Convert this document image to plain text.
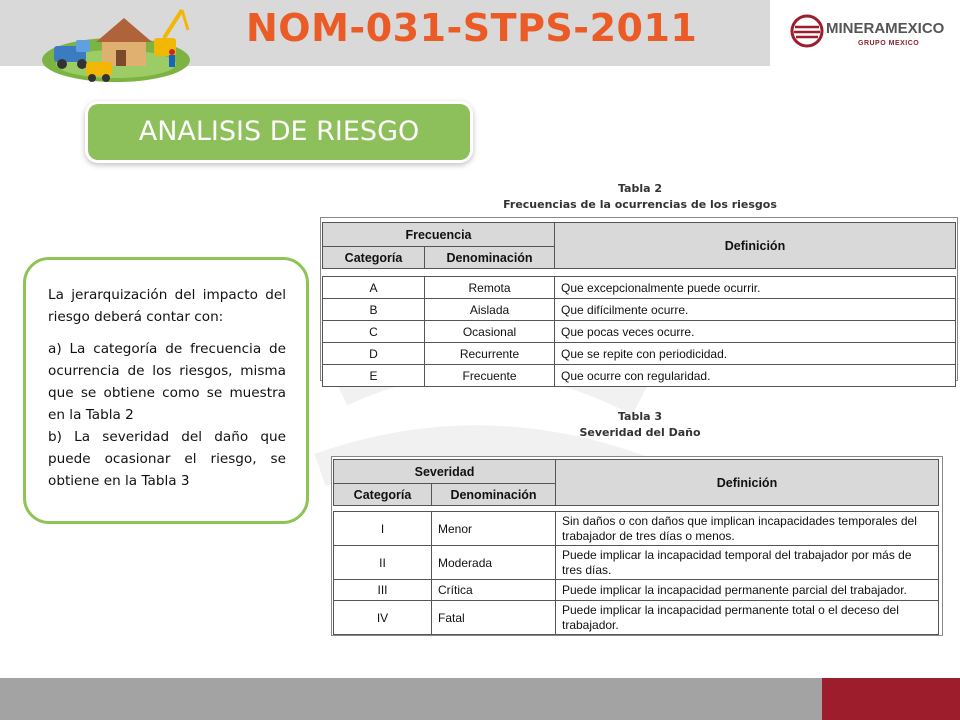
NOM-031-STPS-2011	MINERAMEXICO
GRUPO MEXICO
ANALISIS DE RIESGO

La jerarquización del impacto del riesgo deberá contar con:

a) La categoría de frecuencia de ocurrencia de los riesgos, misma que se obtiene como se muestra en la Tabla 2

b) La severidad del daño que puede ocasionar el riesgo, se obtiene en la Tabla 3

Tabla 2
Frecuencias de la ocurrencias de los riesgos
Frecuencia		Definición
Categoría	Denominación	

A	Remota	Que excepcionalmente puede ocurrir.
B	Aislada	Que difícilmente ocurre.
C	Ocasional	Que pocas veces ocurre.
D	Recurrente	Que se repite con periodicidad.
E	Frecuente	Que ocurre con regularidad.
Tabla 3
Severidad del Daño
Severidad		Definición
Categoría	Denominación	

I	Menor	Sin daños o con daños que implican incapacidades temporales del trabajador de tres días o menos.
II	Moderada	Puede implicar la incapacidad temporal del trabajador por más de tres días.
III	Crítica	Puede implicar la incapacidad permanente parcial del trabajador.
IV	Fatal	Puede implicar la incapacidad permanente total o el deceso del trabajador.
